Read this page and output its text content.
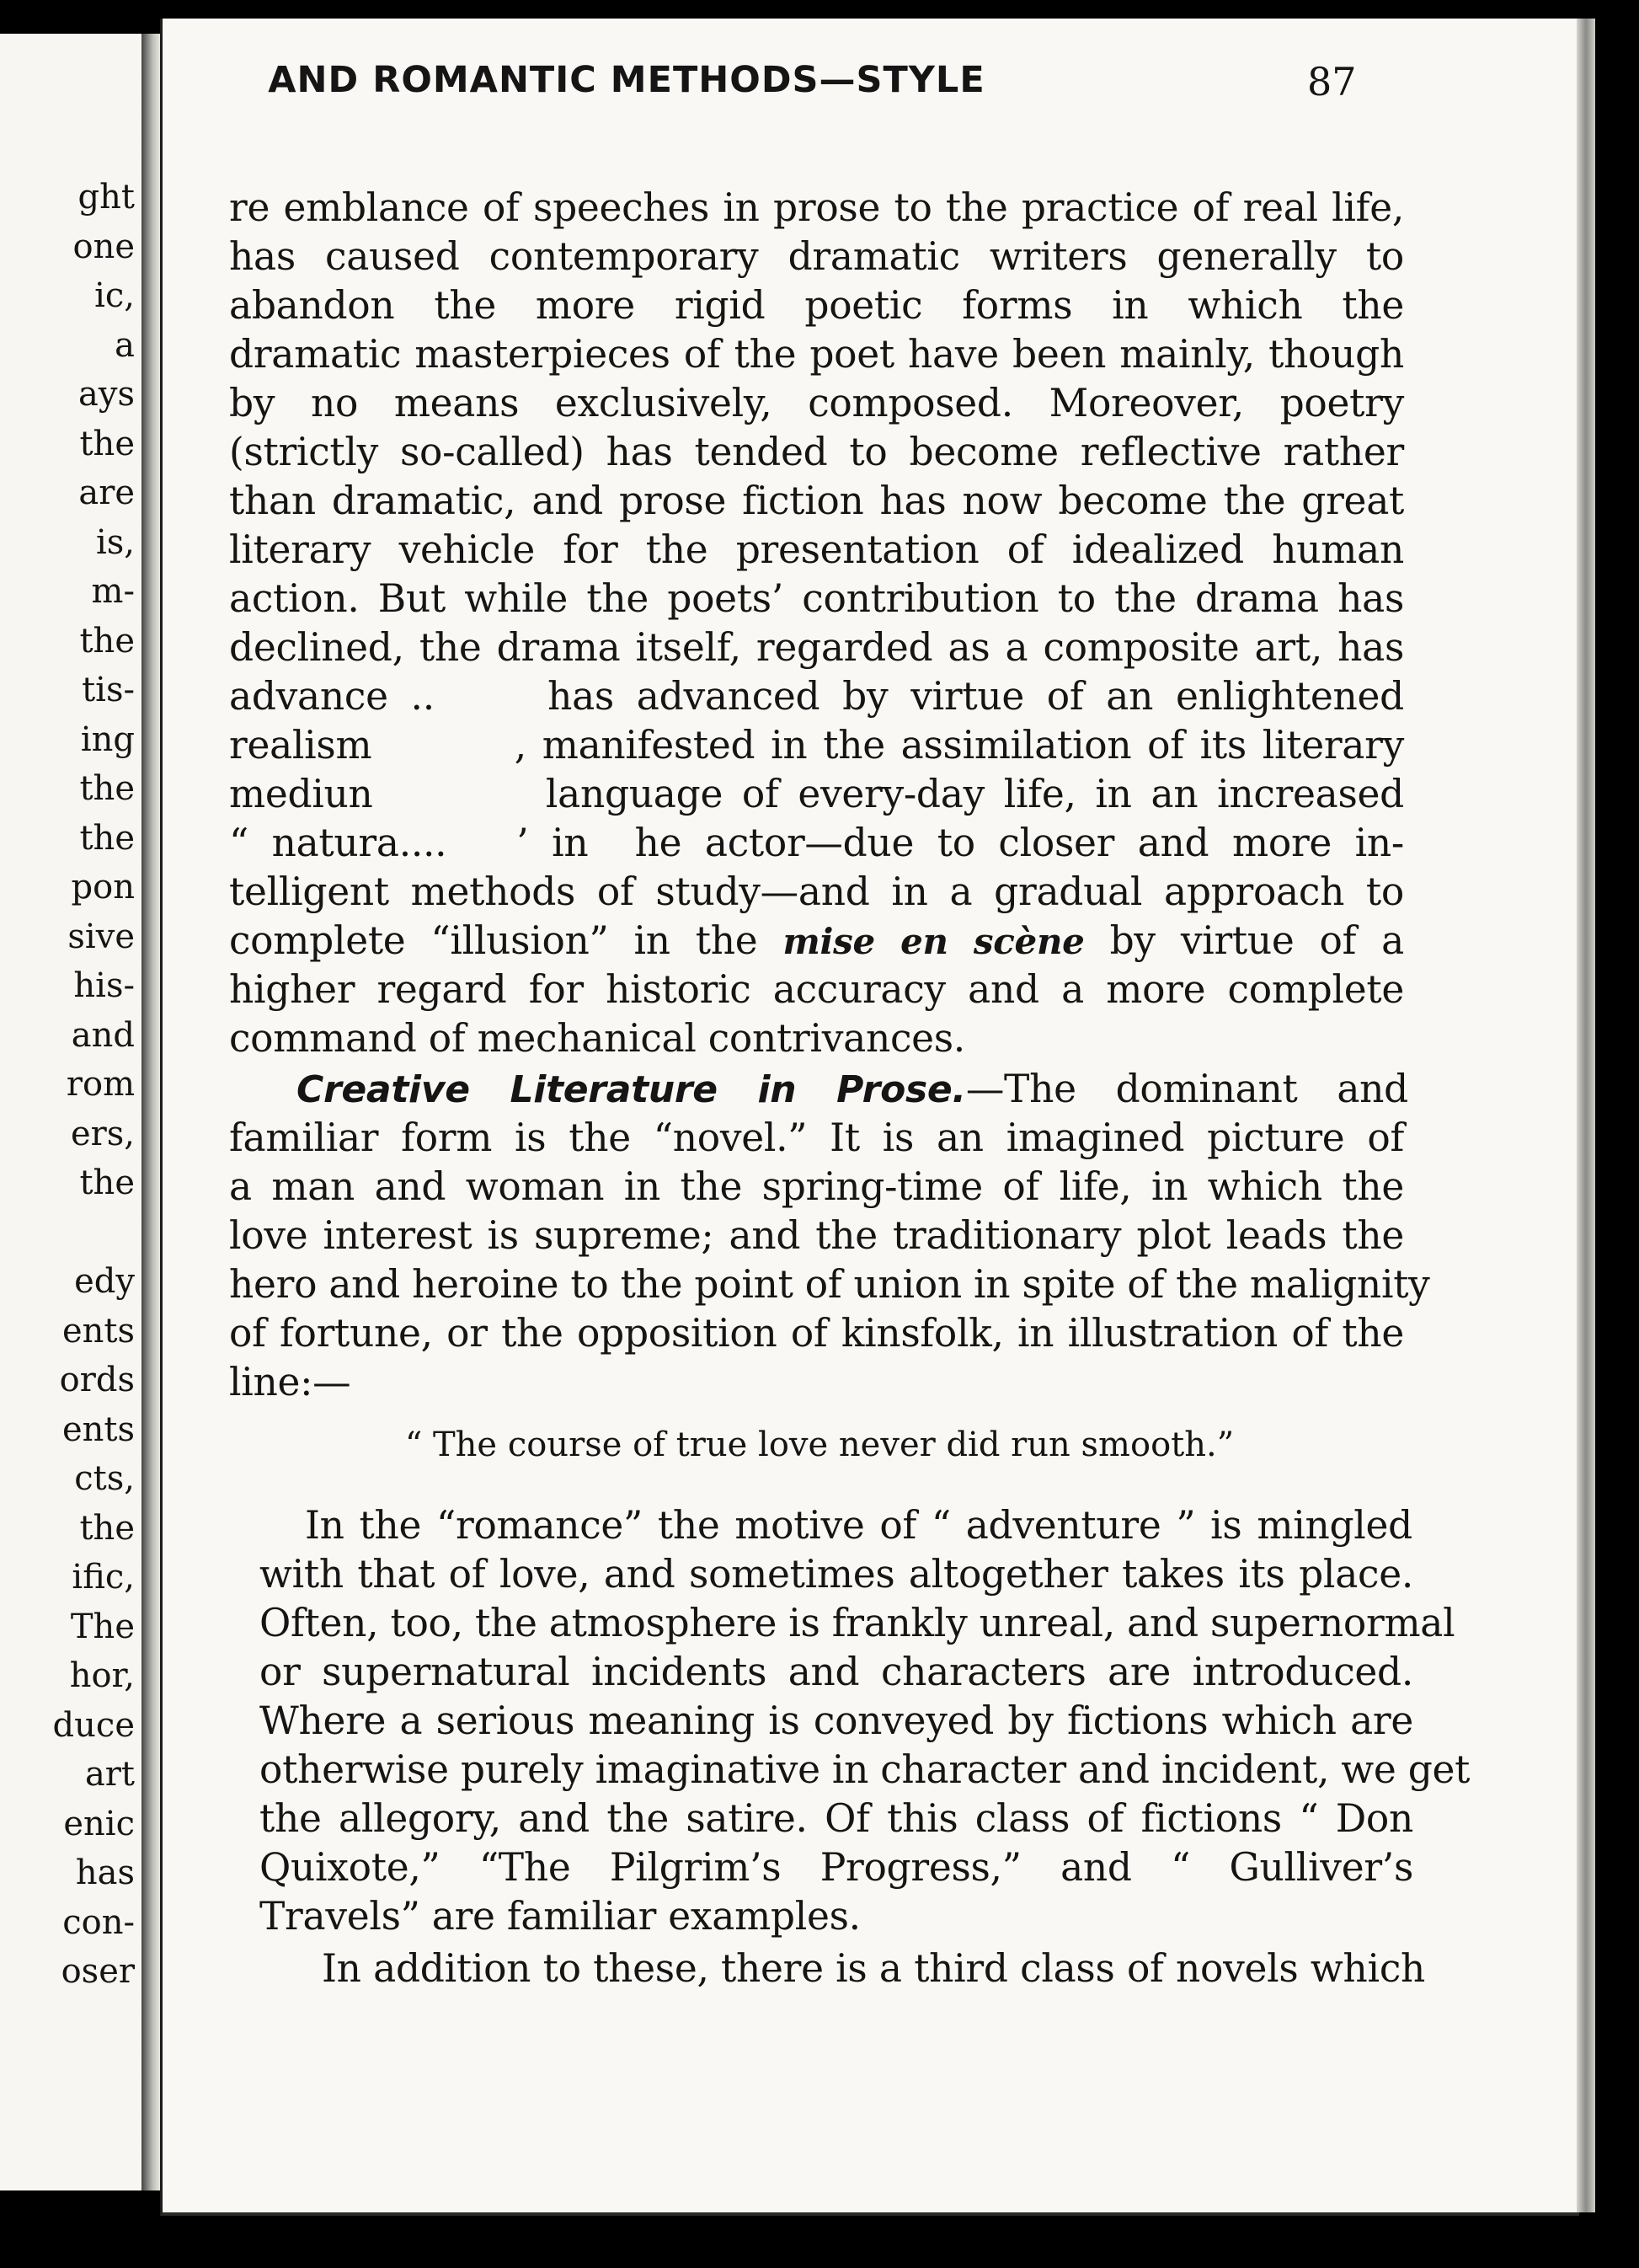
ght

one

ic,

a

ays

the

are

is,

m-

the

tis-

ing

the

the

pon

sive

his-

and

rom

ers,

the

edy

ents

ords

ents

cts,

the

ific,

The

hor,

duce

art

enic

has

con-

oser

AND ROMANTIC METHODS—STYLE	87

re emblance of speeches in prose to the practice of real life,

has caused contemporary dramatic writers generally to

abandon the more rigid poetic forms in which the

dramatic masterpieces of the poet have been mainly, though

by no means exclusively, composed. Moreover, poetry

(strictly so-called) has tended to become reflective rather

than dramatic, and prose fiction has now become the great

literary vehicle for the presentation of idealized human

action. But while the poets’ contribution to the drama has

declined, the drama itself, regarded as a composite art, has

advance ..     has advanced by virtue of an enlightened

realism         , manifested in the assimilation of its literary

mediun         language of every-day life, in an increased

“ natura....   ’ in  he actor—due to closer and more in-

telligent methods of study—and in a gradual approach to

complete “illusion” in the mise en scène by virtue of a

higher regard for historic accuracy and a more complete

command of mechanical contrivances.

Creative Literature in Prose.—The dominant and

familiar form is the “novel.” It is an imagined picture of

a man and woman in the spring-time of life, in which the

love interest is supreme; and the traditionary plot leads the

hero and heroine to the point of union in spite of the malignity

of fortune, or the opposition of kinsfolk, in illustration of the

line:—

“ The course of true love never did run smooth.”

In the “romance” the motive of “ adventure ” is mingled

with that of love, and sometimes altogether takes its place.

Often, too, the atmosphere is frankly unreal, and supernormal

or supernatural incidents and characters are introduced.

Where a serious meaning is conveyed by fictions which are

otherwise purely imaginative in character and incident, we get

the allegory, and the satire. Of this class of fictions “ Don

Quixote,” “The Pilgrim’s Progress,” and “ Gulliver’s

Travels” are familiar examples.

In addition to these, there is a third class of novels which
